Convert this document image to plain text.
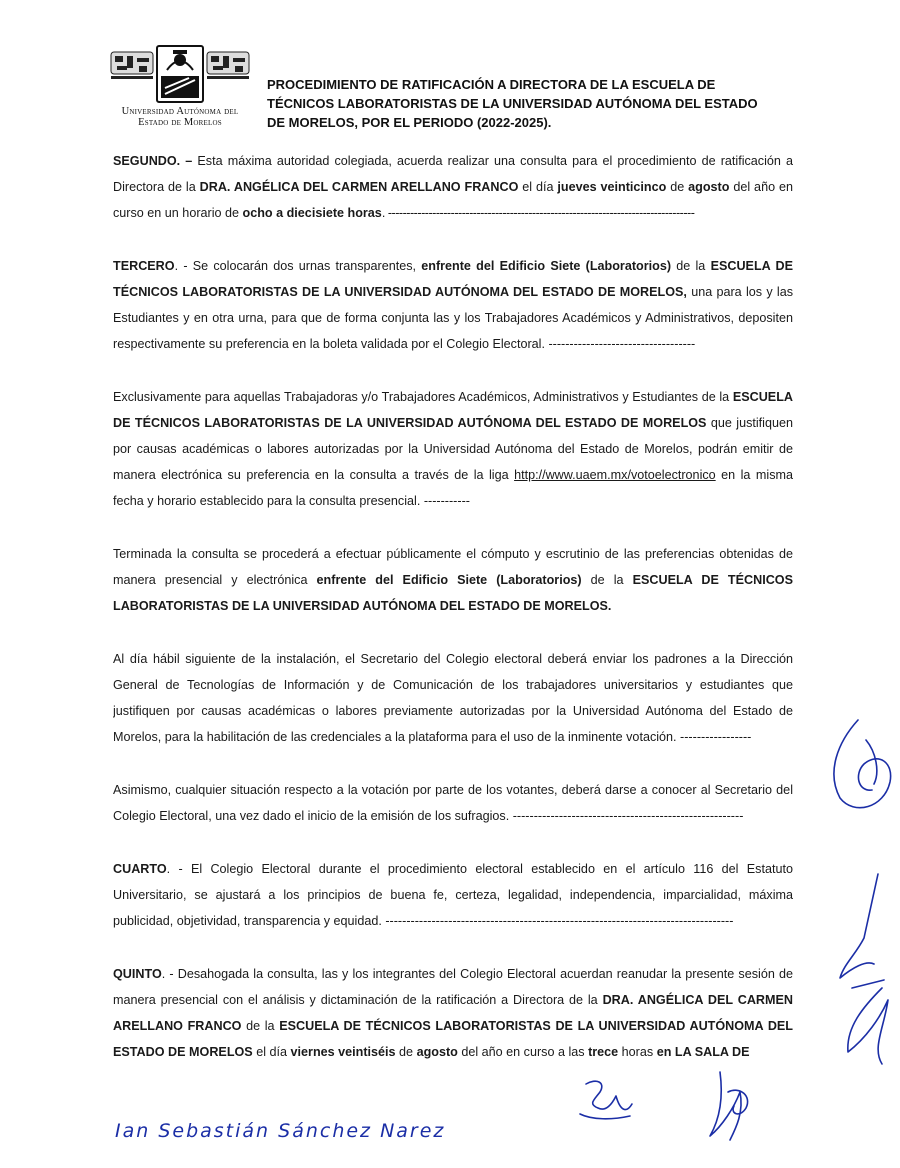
Universidad Autónoma del
Estado de Morelos
PROCEDIMIENTO DE RATIFICACIÓN A DIRECTORA DE LA ESCUELA DE TÉCNICOS LABORATORISTAS DE LA UNIVERSIDAD AUTÓNOMA DEL ESTADO DE MORELOS, POR EL PERIODO (2022-2025).

SEGUNDO. – Esta máxima autoridad colegiada, acuerda realizar una consulta para el procedimiento de ratificación a Directora de la DRA. ANGÉLICA DEL CARMEN ARELLANO FRANCO el día jueves veinticinco de agosto del año en curso en un horario de ocho a diecisiete horas. -----------------------------------------------------------------------------------

TERCERO. - Se colocarán dos urnas transparentes, enfrente del Edificio Siete (Laboratorios) de la ESCUELA DE TÉCNICOS LABORATORISTAS DE LA UNIVERSIDAD AUTÓNOMA DEL ESTADO DE MORELOS, una para los y las Estudiantes y en otra urna, para que de forma conjunta las y los Trabajadores Académicos y Administrativos, depositen respectivamente su preferencia en la boleta validada por el Colegio Electoral. -----------------------------------

Exclusivamente para aquellas Trabajadoras y/o Trabajadores Académicos, Administrativos y Estudiantes de la ESCUELA DE TÉCNICOS LABORATORISTAS DE LA UNIVERSIDAD AUTÓNOMA DEL ESTADO DE MORELOS que justifiquen por causas académicas o labores autorizadas por la Universidad Autónoma del Estado de Morelos, podrán emitir de manera electrónica su preferencia en la consulta a través de la liga http://www.uaem.mx/votoelectronico en la misma fecha y horario establecido para la consulta presencial. -----------

Terminada la consulta se procederá a efectuar públicamente el cómputo y escrutinio de las preferencias obtenidas de manera presencial y electrónica enfrente del Edificio Siete (Laboratorios) de la ESCUELA DE TÉCNICOS LABORATORISTAS DE LA UNIVERSIDAD AUTÓNOMA DEL ESTADO DE MORELOS.

Al día hábil siguiente de la instalación, el Secretario del Colegio electoral deberá enviar los padrones a la Dirección General de Tecnologías de Información y de Comunicación de los trabajadores universitarios y estudiantes que justifiquen por causas académicas o labores previamente autorizadas por la Universidad Autónoma del Estado de Morelos, para la habilitación de las credenciales a la plataforma para el uso de la inminente votación. -----------------

Asimismo, cualquier situación respecto a la votación por parte de los votantes, deberá darse a conocer al Secretario del Colegio Electoral, una vez dado el inicio de la emisión de los sufragios. -------------------------------------------------------

CUARTO. - El Colegio Electoral durante el procedimiento electoral establecido en el artículo 116 del Estatuto Universitario, se ajustará a los principios de buena fe, certeza, legalidad, independencia, imparcialidad, máxima publicidad, objetividad, transparencia y equidad. -----------------------------------------------------------------------------------

QUINTO. - Desahogada la consulta, las y los integrantes del Colegio Electoral acuerdan reanudar la presente sesión de manera presencial con el análisis y dictaminación de la ratificación a Directora de la DRA. ANGÉLICA DEL CARMEN ARELLANO FRANCO de la ESCUELA DE TÉCNICOS LABORATORISTAS DE LA UNIVERSIDAD AUTÓNOMA DEL ESTADO DE MORELOS el día viernes veintiséis de agosto del año en curso a las trece horas en LA SALA DE

Ian Sebastián Sánchez Narez
